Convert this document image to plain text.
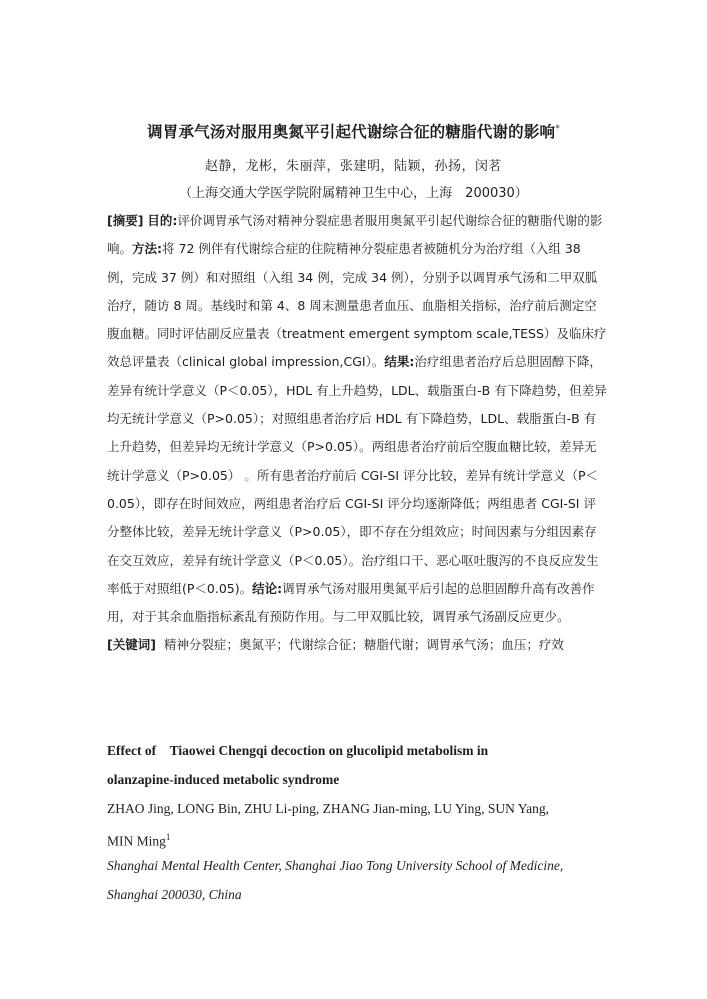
调胃承气汤对服用奥氮平引起代谢综合征的糖脂代谢的影响*
赵静，龙彬，朱丽萍，张建明，陆颖，孙扬，闵茗
（上海交通大学医学院附属精神卫生中心，上海　200030）
[摘要] 目的:评价调胃承气汤对精神分裂症患者服用奥氮平引起代谢综合征的糖脂代谢的影响。方法:将 72 例伴有代谢综合症的住院精神分裂症患者被随机分为治疗组（入组 38 例，完成 37 例）和对照组（入组 34 例，完成 34 例），分别予以调胃承气汤和二甲双胍治疗，随访 8 周。基线时和第 4、8 周末测量患者血压、血脂相关指标，治疗前后测定空腹血糖。同时评估副反应量表（treatment emergent symptom scale,TESS）及临床疗效总评量表（clinical global impression,CGI）。结果:治疗组患者治疗后总胆固醇下降，差异有统计学意义（P＜0.05），HDL 有上升趋势，LDL、载脂蛋白-B 有下降趋势，但差异均无统计学意义（P>0.05）；对照组患者治疗后 HDL 有下降趋势，LDL、载脂蛋白-B 有上升趋势，但差异均无统计学意义（P>0.05）。两组患者治疗前后空腹血糖比较，差异无统计学意义（P>0.05） 。所有患者治疗前后 CGI-SI 评分比较，差异有统计学意义（P＜0.05），即存在时间效应，两组患者治疗后 CGI-SI 评分均逐渐降低；两组患者 CGI-SI 评分整体比较，差异无统计学意义（P>0.05），即不存在分组效应；时间因素与分组因素存在交互效应，差异有统计学意义（P＜0.05）。治疗组口干、恶心呕吐腹泻的不良反应发生率低于对照组(P＜0.05)。结论:调胃承气汤对服用奥氮平后引起的总胆固醇升高有改善作用，对于其余血脂指标紊乱有预防作用。与二甲双胍比较，调胃承气汤副反应更少。
[关键词] 精神分裂症；奥氮平；代谢综合征；糖脂代谢；调胃承气汤；血压；疗效
Effect of　Tiaowei Chengqi decoction on glucolipid metabolism in
olanzapine-induced metabolic syndrome
ZHAO Jing, LONG Bin, ZHU Li-ping, ZHANG Jian-ming, LU Ying, SUN Yang,
MIN Ming$^1$
Shanghai Mental Health Center, Shanghai Jiao Tong University School of Medicine,
Shanghai 200030, China
